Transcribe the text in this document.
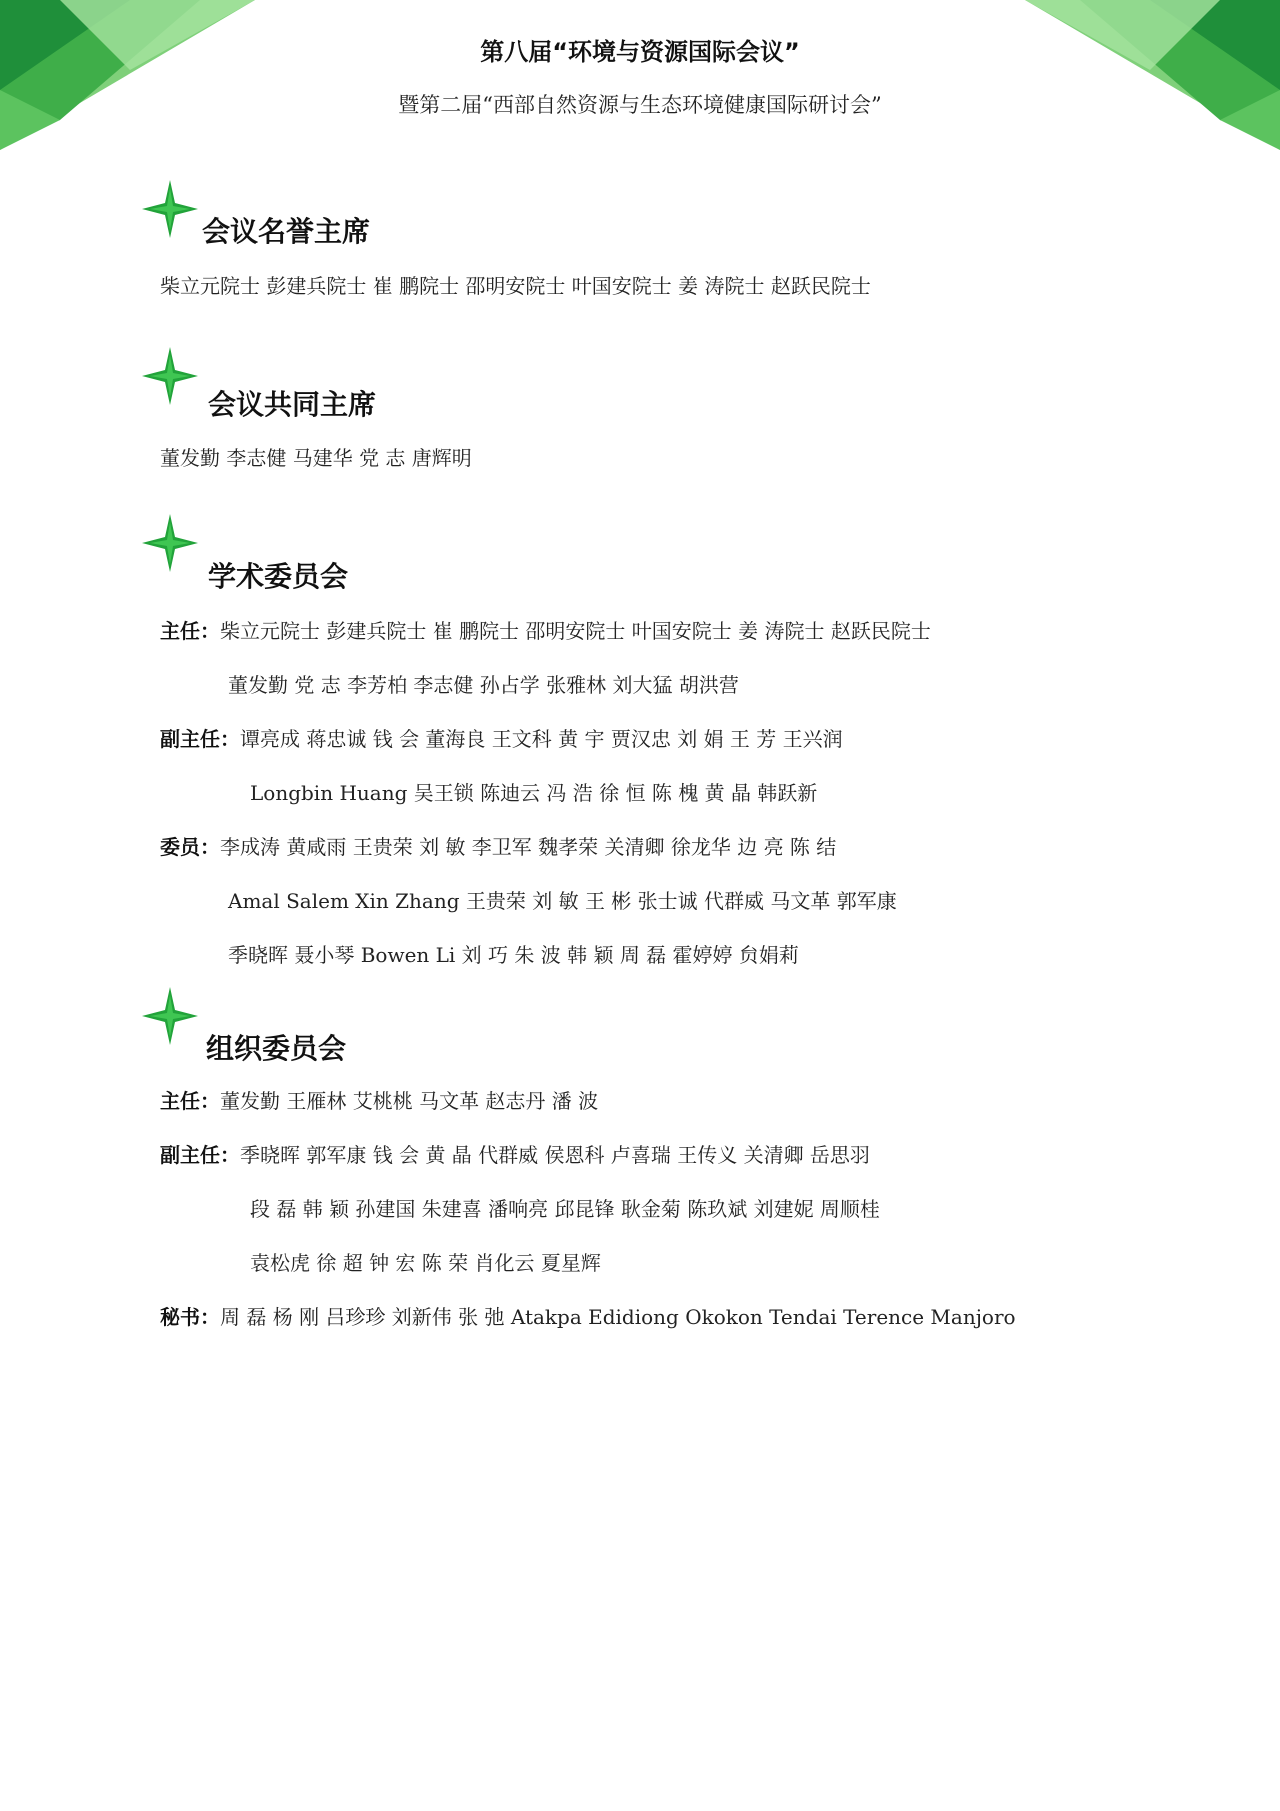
第八届“环境与资源国际会议”
暨第二届“西部自然资源与生态环境健康国际研讨会”
会议名誉主席
柴立元院士 彭建兵院士 崔 鹏院士 邵明安院士 叶国安院士 姜 涛院士 赵跃民院士
会议共同主席
董发勤 李志健 马建华 党 志 唐辉明
学术委员会
主任：柴立元院士 彭建兵院士 崔 鹏院士 邵明安院士 叶国安院士 姜 涛院士 赵跃民院士
董发勤 党 志 李芳柏 李志健 孙占学 张雅林 刘大猛 胡洪营
副主任：谭亮成 蒋忠诚 钱 会 董海良 王文科 黄 宇 贾汉忠 刘 娟 王 芳 王兴润
Longbin Huang 吴王锁 陈迪云 冯 浩 徐 恒 陈 槐 黄 晶 韩跃新
委员：李成涛 黄咸雨 王贵荣 刘 敏 李卫军 魏孝荣 关清卿 徐龙华 边 亮 陈 结
Amal Salem Xin Zhang 王贵荣 刘 敏 王 彬 张士诚 代群威 马文革 郭军康
季晓晖 聂小琴 Bowen Li 刘 巧 朱 波 韩 颖 周 磊 霍婷婷 贠娟莉
组织委员会
主任：董发勤 王雁林 艾桃桃 马文革 赵志丹 潘 波
副主任：季晓晖 郭军康 钱 会 黄 晶 代群威 侯恩科 卢喜瑞 王传义 关清卿 岳思羽
段 磊 韩 颖 孙建国 朱建喜 潘响亮 邱昆锋 耿金菊 陈玖斌 刘建妮 周顺桂
袁松虎 徐 超 钟 宏 陈 荣 肖化云 夏星辉
秘书：周 磊 杨 刚 吕珍珍 刘新伟 张 弛 Atakpa Edidiong Okokon Tendai Terence Manjoro
